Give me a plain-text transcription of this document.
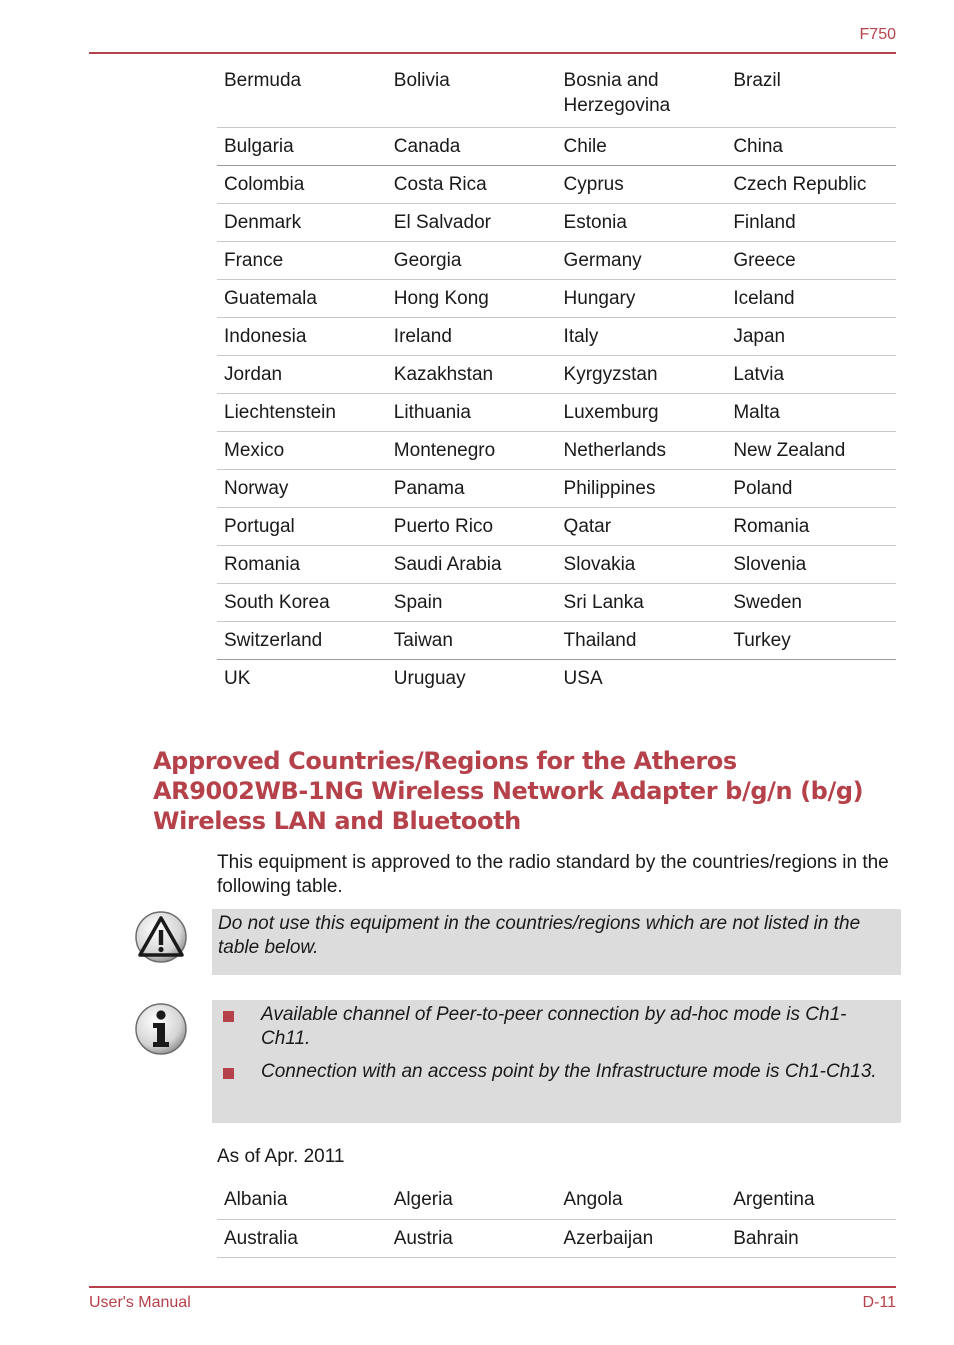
F750
Bermuda	Bolivia	Bosnia and Herzegovina	Brazil
Bulgaria	Canada	Chile	China
Colombia	Costa Rica	Cyprus	Czech Republic
Denmark	El Salvador	Estonia	Finland
France	Georgia	Germany	Greece
Guatemala	Hong Kong	Hungary	Iceland
Indonesia	Ireland	Italy	Japan
Jordan	Kazakhstan	Kyrgyzstan	Latvia
Liechtenstein	Lithuania	Luxemburg	Malta
Mexico	Montenegro	Netherlands	New Zealand
Norway	Panama	Philippines	Poland
Portugal	Puerto Rico	Qatar	Romania
Romania	Saudi Arabia	Slovakia	Slovenia
South Korea	Spain	Sri Lanka	Sweden
Switzerland	Taiwan	Thailand	Turkey
UK	Uruguay	USA	
Approved Countries/Regions for the Atheros AR9002WB-1NG Wireless Network Adapter b/g/n (b/g) Wireless LAN and Bluetooth

This equipment is approved to the radio standard by the countries/regions in the following table.

Do not use this equipment in the countries/regions which are not listed in the table below.

Available channel of Peer-to-peer connection by ad-hoc mode is Ch1-Ch11.
Connection with an access point by the Infrastructure mode is Ch1-Ch13.

As of Apr. 2011

Albania	Algeria	Angola	Argentina
Australia	Austria	Azerbaijan	Bahrain
User's Manual	D-11
